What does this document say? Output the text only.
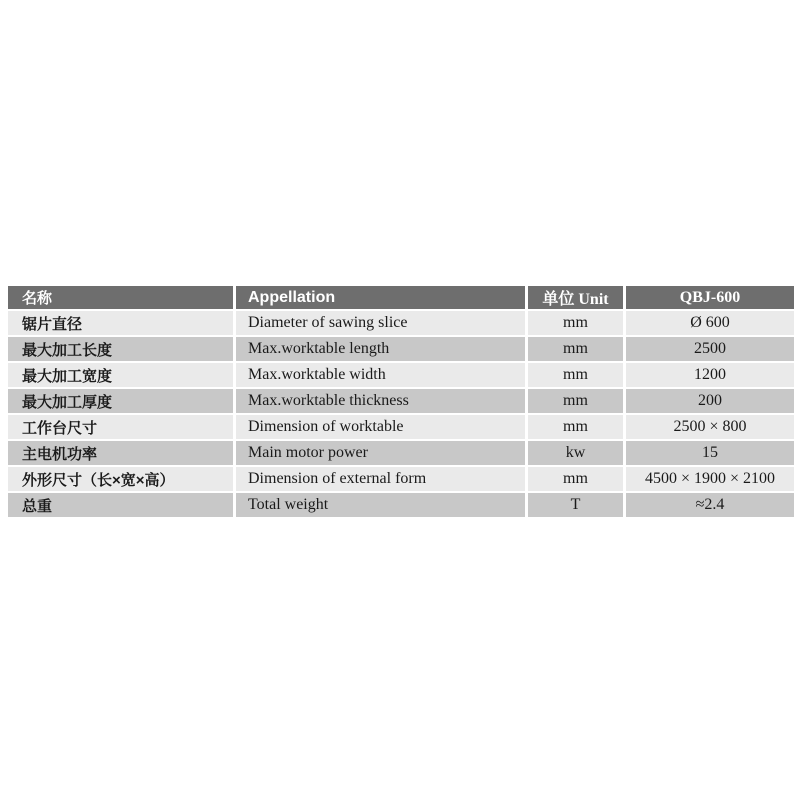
名称	Appellation	单位 Unit	QBJ-600
锯片直径	Diameter of sawing slice	mm	Ø 600
最大加工长度	Max.worktable length	mm	2500
最大加工宽度	Max.worktable width	mm	1200
最大加工厚度	Max.worktable thickness	mm	200
工作台尺寸	Dimension of worktable	mm	2500 × 800
主电机功率	Main motor power	kw	15
外形尺寸（长×宽×高）	Dimension of external form	mm	4500 × 1900 × 2100
总重	Total weight	T	≈2.4
